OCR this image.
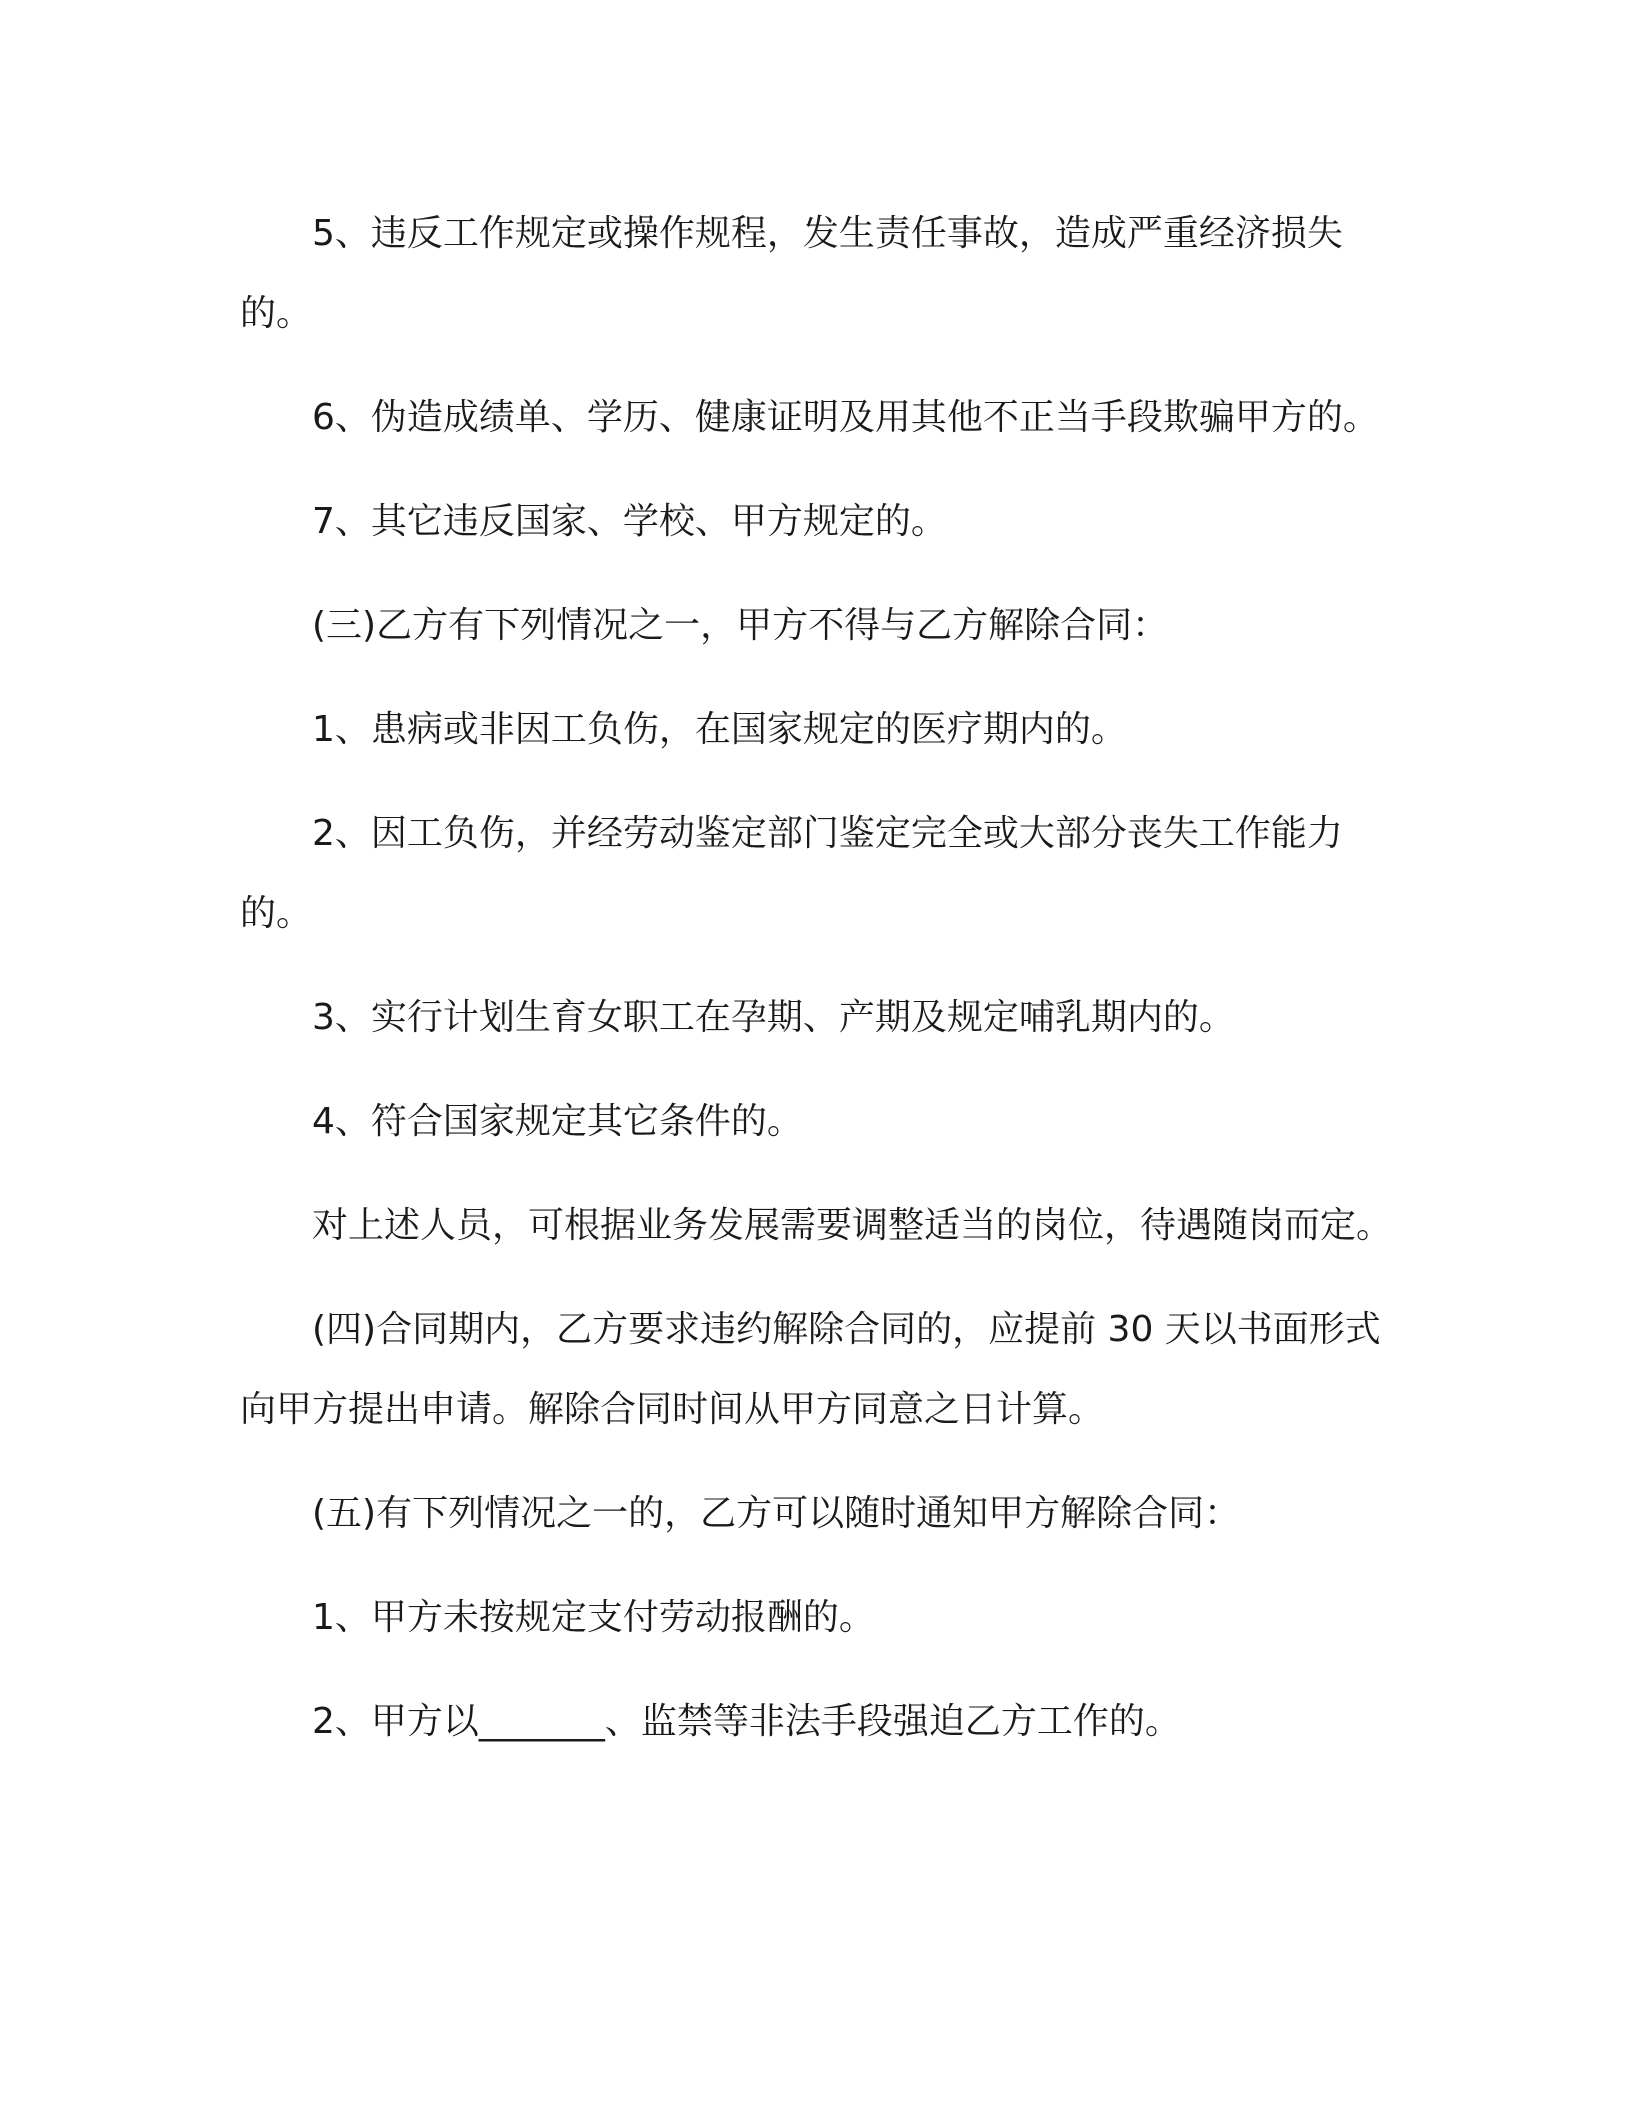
5、违反工作规定或操作规程，发生责任事故，造成严重经济损失的。

6、伪造成绩单、学历、健康证明及用其他不正当手段欺骗甲方的。

7、其它违反国家、学校、甲方规定的。

(三)乙方有下列情况之一，甲方不得与乙方解除合同：

1、患病或非因工负伤，在国家规定的医疗期内的。

2、因工负伤，并经劳动鉴定部门鉴定完全或大部分丧失工作能力的。

3、实行计划生育女职工在孕期、产期及规定哺乳期内的。

4、符合国家规定其它条件的。

对上述人员，可根据业务发展需要调整适当的岗位，待遇随岗而定。

(四)合同期内，乙方要求违约解除合同的，应提前 30 天以书面形式向甲方提出申请。解除合同时间从甲方同意之日计算。

(五)有下列情况之一的，乙方可以随时通知甲方解除合同：

1、甲方未按规定支付劳动报酬的。

2、甲方以_______、监禁等非法手段强迫乙方工作的。
